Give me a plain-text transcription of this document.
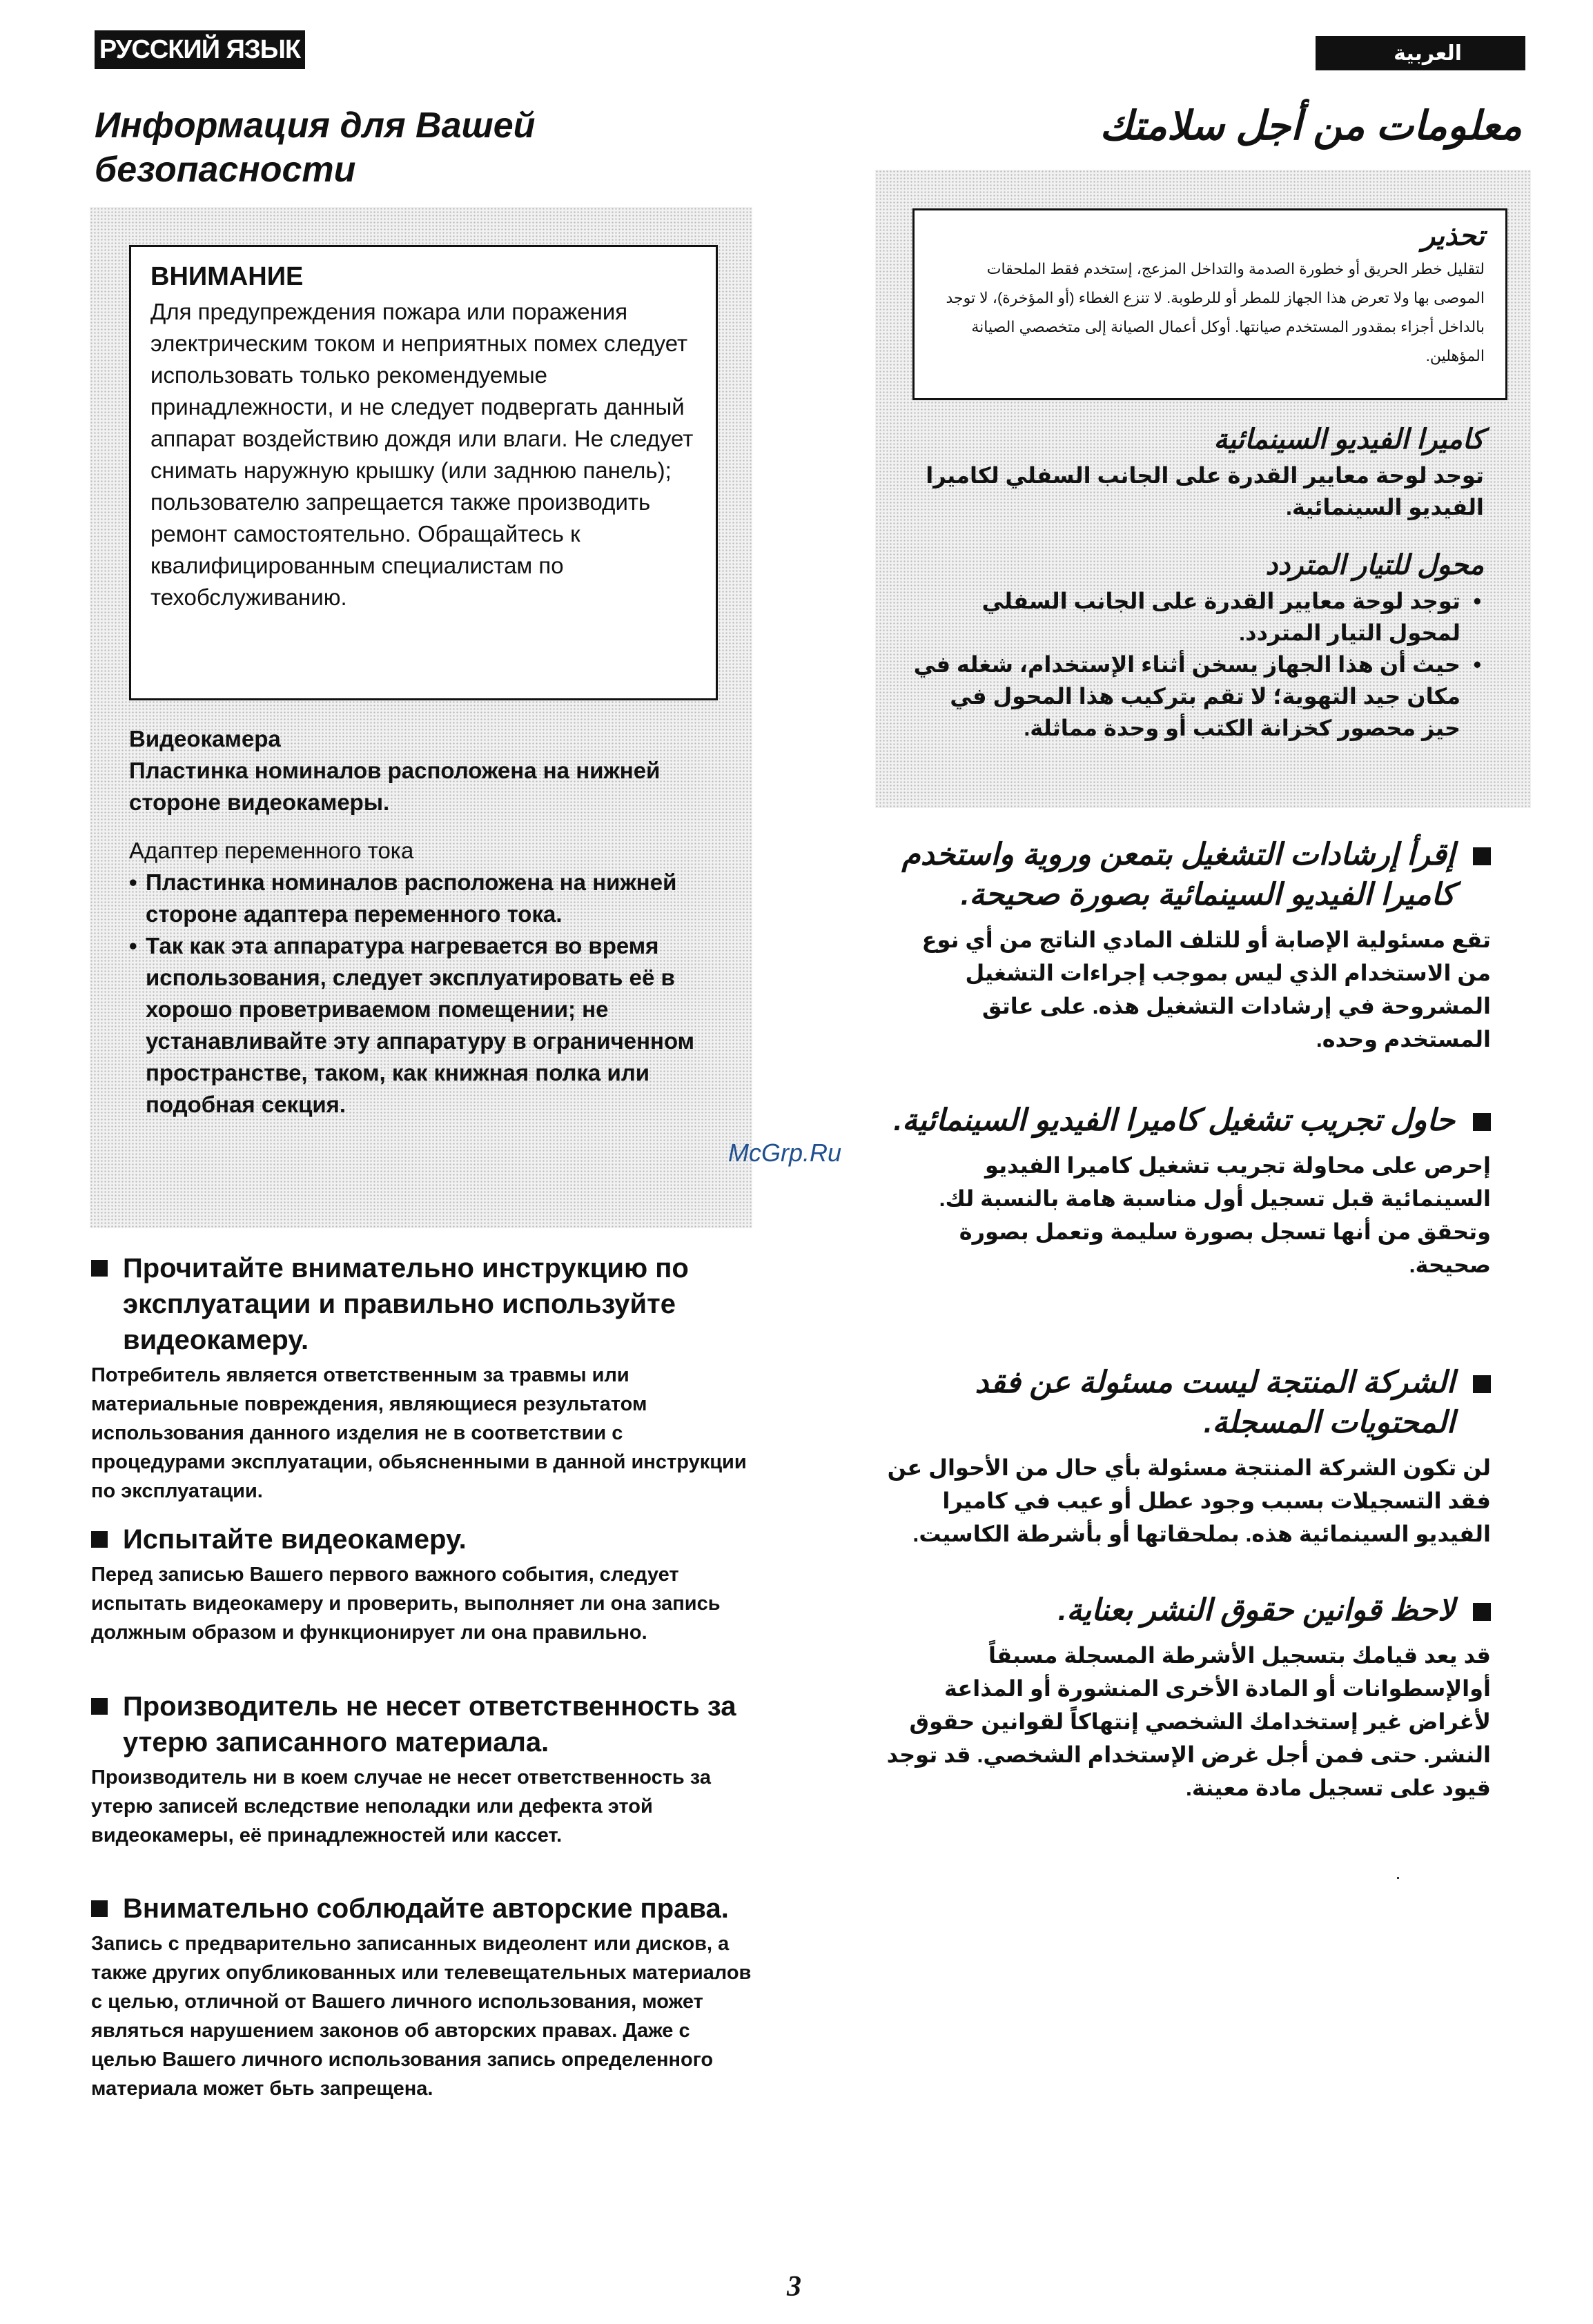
РУССКИЙ ЯЗЫК	العربية
Информация для Вашей
безопасности
معلومات من أجل سلامتك
ВНИМАНИЕ

Для предупреждения пожара или поражения электрическим током и неприятных помех следует использовать только рекомендуемые принадлежности, и не следует подвергать данный аппарат воздействию дождя или влаги. Не следует снимать наружную крышку (или заднюю панель); пользователю запрещается также производить ремонт самостоятельно. Обращайтесь к квалифицированным специалистам по техобслуживанию.

Видеокамера

Пластинка номиналов расположена на нижней стороне видеокамеры.

Адаптер переменного тока
• Пластинка номиналов расположена на нижней стороне адаптера переменного тока.
• Так как эта аппаратура нагревается во время использования, следует эксплуатировать её в хорошо проветриваемом помещении; не устанавливайте эту аппаратуру в ограниченном пространстве, таком, как книжная полка или подобная секция.
تحذير

لتقليل خطر الحريق أو خطورة الصدمة والتداخل المزعج، إستخدم فقط الملحقات الموصى بها ولا تعرض هذا الجهاز للمطر أو للرطوبة. لا تنزع الغطاء (أو المؤخرة)، لا توجد بالداخل أجزاء بمقدور المستخدم صيانتها. أوكل أعمال الصيانة إلى متخصصي الصيانة المؤهلين.

كاميرا الفيديو السينمائية

توجد لوحة معايير القدرة على الجانب السفلي لكاميرا الفيديو السينمائية.

محول للتيار المتردد
• توجد لوحة معايير القدرة على الجانب السفلي لمحول التيار المتردد.
• حيث أن هذا الجهاز يسخن أثناء الإستخدام، شغله في مكان جيد التهوية؛ لا تقم بتركيب هذا المحول في حيز محصور كخزانة الكتب أو وحدة مماثلة.
Прочитайте внимательно инструкцию по эксплуатации и правильно используйте видеокамеру.

Потребитель является ответственным за травмы или материальные повреждения, являющиеся результатом использования данного изделия не в соответствии с процедурами эксплуатации, обьясненными в данной инструкции по эксплуатации.

Испытайте видеокамеру.

Перед записью Вашего первого важного события, следует испытать видеокамеру и проверить, выполняет ли она запись должным образом и функционирует ли она правильно.

Производитель не несет ответственность за утерю записанного материала.

Производитель ни в коем случае не несет ответственность за утерю записей вследствие неполадки или дефекта этой видеокамеры, её принадлежностей или кассет.

Внимательно соблюдайте авторские права.

Запись с предварительно записанных видеолент или дисков, а также других опубликованных или телевещательных материалов с целью, отличной от Вашего личного использования, может являться нарушением законов об авторских правах. Даже с целью Вашего личного использования запись определенного материала может бьть запрещена.

إقرأ إرشادات التشغيل بتمعن وروية واستخدم كاميرا الفيديو السينمائية بصورة صحيحة.

تقع مسئولية الإصابة أو للتلف المادي الناتج من أي نوع من الاستخدام الذي ليس بموجب إجراءات التشغيل المشروحة في إرشادات التشغيل هذه. على عاتق المستخدم وحده.

حاول تجريب تشغيل كاميرا الفيديو السينمائية.

إحرص على محاولة تجريب تشغيل كاميرا الفيديو السينمائية قبل تسجيل أول مناسبة هامة بالنسبة لك. وتحقق من أنها تسجل بصورة سليمة وتعمل بصورة صحيحة.

الشركة المنتجة ليست مسئولة عن فقد المحتويات المسجلة.

لن تكون الشركة المنتجة مسئولة بأي حال من الأحوال عن فقد التسجيلات بسبب وجود عطل أو عيب في كاميرا الفيديو السينمائية هذه. بملحقاتها أو بأشرطة الكاسيت.

لاحظ قوانين حقوق النشر بعناية.

قد يعد قيامك بتسجيل الأشرطة المسجلة مسبقاً أوالإسطوانات أو المادة الأخرى المنشورة أو المذاعة لأغراض غير إستخدامك الشخصي إنتهاكاً لقوانين حقوق النشر. حتى فمن أجل غرض الإستخدام الشخصي. قد توجد قيود على تسجيل مادة معينة.

McGrp.Ru
3
